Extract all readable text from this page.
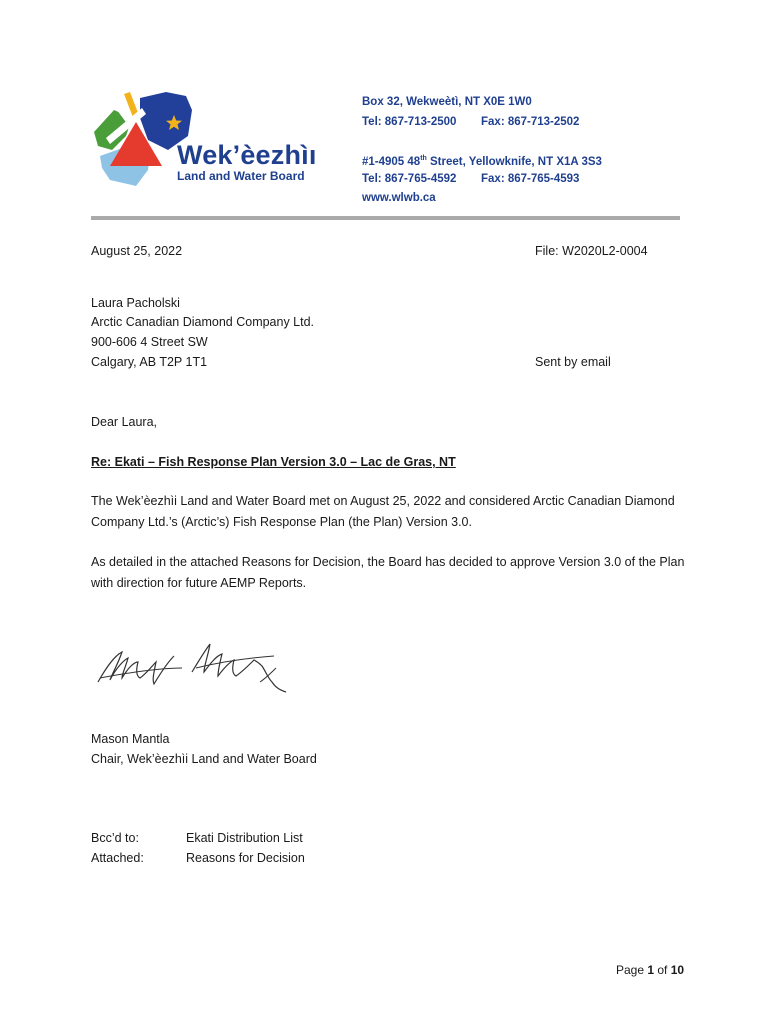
Wek’èezhìı
Land and Water Board
Box 32, Wekweètì, NT X0E 1W0
Tel: 867-713-2500 Fax: 867-713-2502
#1-4905 48th Street, Yellowknife, NT X1A 3S3
Tel: 867-765-4592 Fax: 867-765-4593
www.wlwb.ca
August 25, 2022	File: W2020L2-0004
Laura Pacholski
Arctic Canadian Diamond Company Ltd.
900-606 4 Street SW
Calgary, AB T2P 1T1	Sent by email
Dear Laura,
Re: Ekati – Fish Response Plan Version 3.0 – Lac de Gras, NT
The Wek’èezhìi Land and Water Board met on August 25, 2022 and considered Arctic Canadian Diamond
Company Ltd.’s (Arctic’s) Fish Response Plan (the Plan) Version 3.0.
As detailed in the attached Reasons for Decision, the Board has decided to approve Version 3.0 of the Plan
with direction for future AEMP Reports.
Mason Mantla
Chair, Wek’èezhìi Land and Water Board
Bcc’d to:	Ekati Distribution List
Attached:	Reasons for Decision
Page 1 of 10
